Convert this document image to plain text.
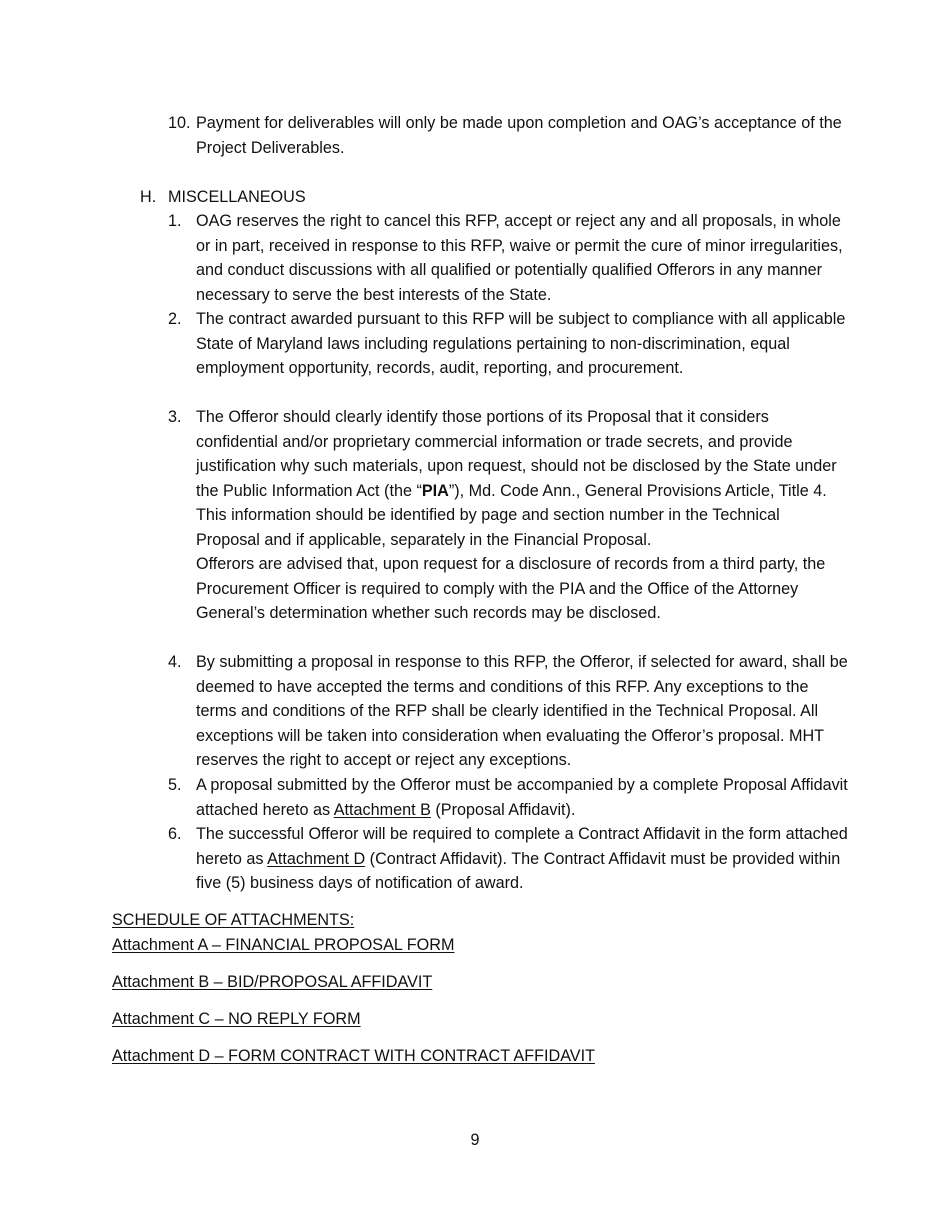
10. Payment for deliverables will only be made upon completion and OAG’s acceptance of the Project Deliverables.

H. MISCELLANEOUS
1. OAG reserves the right to cancel this RFP, accept or reject any and all proposals, in whole or in part, received in response to this RFP, waive or permit the cure of minor irregularities, and conduct discussions with all qualified or potentially qualified Offerors in any manner necessary to serve the best interests of the State.

2. The contract awarded pursuant to this RFP will be subject to compliance with all applicable State of Maryland laws including regulations pertaining to non-discrimination, equal employment opportunity, records, audit, reporting, and procurement.

3. The Offeror should clearly identify those portions of its Proposal that it considers confidential and/or proprietary commercial information or trade secrets, and provide justification why such materials, upon request, should not be disclosed by the State under the Public Information Act (the “PIA”), Md. Code Ann., General Provisions Article, Title 4. This information should be identified by page and section number in the Technical Proposal and if applicable, separately in the Financial Proposal.

Offerors are advised that, upon request for a disclosure of records from a third party, the Procurement Officer is required to comply with the PIA and the Office of the Attorney General’s determination whether such records may be disclosed.

4. By submitting a proposal in response to this RFP, the Offeror, if selected for award, shall be deemed to have accepted the terms and conditions of this RFP. Any exceptions to the terms and conditions of the RFP shall be clearly identified in the Technical Proposal. All exceptions will be taken into consideration when evaluating the Offeror’s proposal. MHT reserves the right to accept or reject any exceptions.

5. A proposal submitted by the Offeror must be accompanied by a complete Proposal Affidavit attached hereto as Attachment B (Proposal Affidavit).

6. The successful Offeror will be required to complete a Contract Affidavit in the form attached hereto as Attachment D (Contract Affidavit). The Contract Affidavit must be provided within five (5) business days of notification of award.

SCHEDULE OF ATTACHMENTS:
Attachment A – FINANCIAL PROPOSAL FORM
Attachment B – BID/PROPOSAL AFFIDAVIT
Attachment C – NO REPLY FORM
Attachment D – FORM CONTRACT WITH CONTRACT AFFIDAVIT
9
